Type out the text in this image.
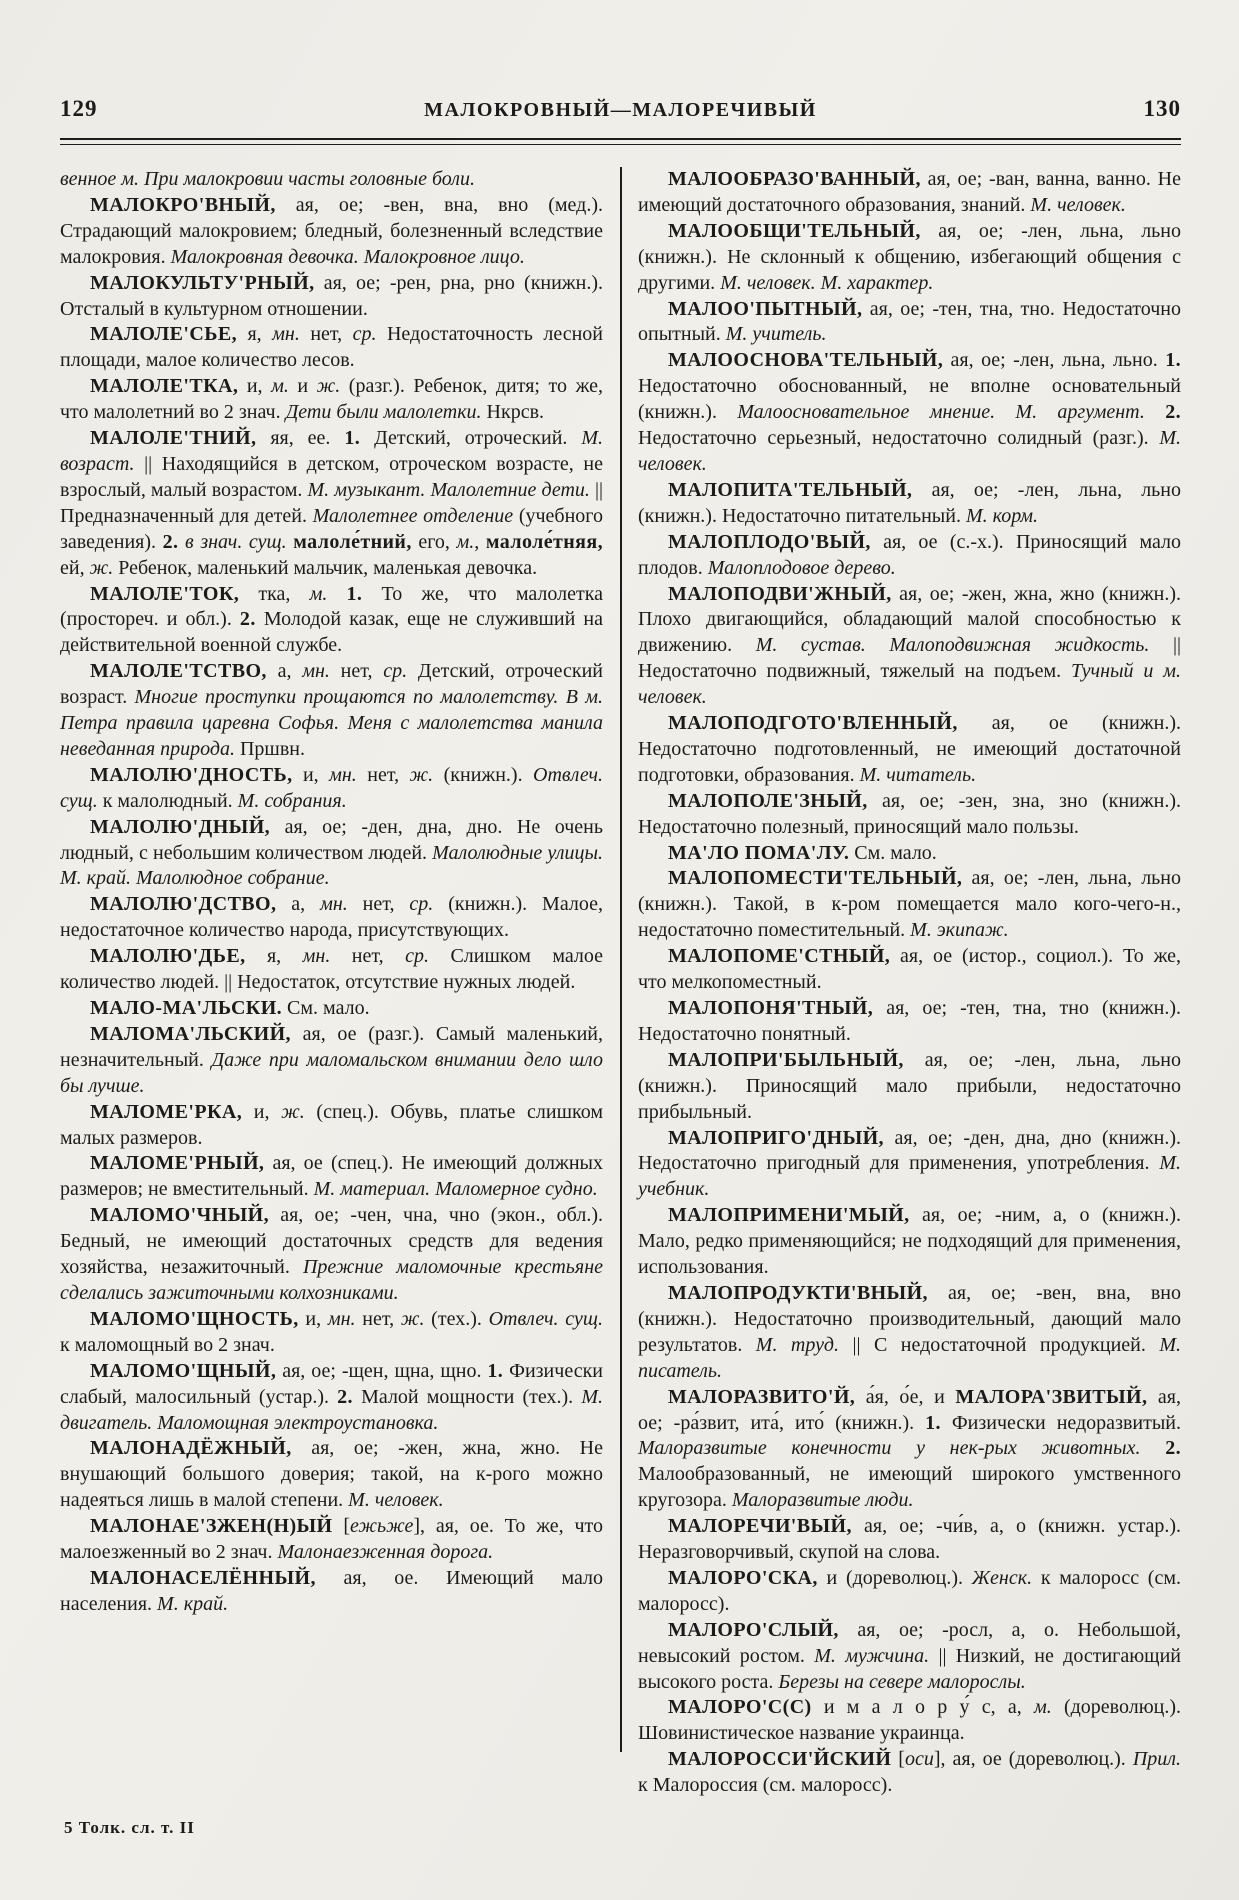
129	МАЛОКРОВНЫЙ—МАЛОРЕЧИВЫЙ	130

венное м. При малокровии часты головные боли.

МАЛОКРО'ВНЫЙ, ая, ое; -вен, вна, вно (мед.). Страдающий малокровием; бледный, болезненный вследствие малокровия. Малокровная девочка. Малокровное лицо.

МАЛОКУЛЬТУ'РНЫЙ, ая, ое; -рен, рна, рно (книжн.). Отсталый в культурном отношении.

МАЛОЛЕ'СЬЕ, я, мн. нет, ср. Недостаточность лесной площади, малое количество лесов.

МАЛОЛЕ'ТКА, и, м. и ж. (разг.). Ребенок, дитя; то же, что малолетний во 2 знач. Дети были малолетки. Нкрсв.

МАЛОЛЕ'ТНИЙ, яя, ее. 1. Детский, отроческий. М. возраст. || Находящийся в детском, отроческом возрасте, не взрослый, малый возрастом. М. музыкант. Малолетние дети. || Предназначенный для детей. Малолетнее отделение (учебного заведения). 2. в знач. сущ. малоле́тний, его, м., малоле́тняя, ей, ж. Ребенок, маленький мальчик, маленькая девочка.

МАЛОЛЕ'ТОК, тка, м. 1. То же, что малолетка (простореч. и обл.). 2. Молодой казак, еще не служивший на действительной военной службе.

МАЛОЛЕ'ТСТВО, а, мн. нет, ср. Детский, отроческий возраст. Многие проступки прощаются по малолетству. В м. Петра правила царевна Софья. Меня с малолетства манила неведанная природа. Пршвн.

МАЛОЛЮ'ДНОСТЬ, и, мн. нет, ж. (книжн.). Отвлеч. сущ. к малолюдный. М. собрания.

МАЛОЛЮ'ДНЫЙ, ая, ое; -ден, дна, дно. Не очень людный, с небольшим количеством людей. Малолюдные улицы. М. край. Малолюдное собрание.

МАЛОЛЮ'ДСТВО, а, мн. нет, ср. (книжн.). Малое, недостаточное количество народа, присутствующих.

МАЛОЛЮ'ДЬЕ, я, мн. нет, ср. Слишком малое количество людей. || Недостаток, отсутствие нужных людей.

МАЛО-МА'ЛЬСКИ. См. мало.

МАЛОМА'ЛЬСКИЙ, ая, ое (разг.). Самый маленький, незначительный. Даже при маломальском внимании дело шло бы лучше.

МАЛОМЕ'РКА, и, ж. (спец.). Обувь, платье слишком малых размеров.

МАЛОМЕ'РНЫЙ, ая, ое (спец.). Не имеющий должных размеров; не вместительный. М. материал. Маломерное судно.

МАЛОМО'ЧНЫЙ, ая, ое; -чен, чна, чно (экон., обл.). Бедный, не имеющий достаточных средств для ведения хозяйства, незажиточный. Прежние маломочные крестьяне сделались зажиточными колхозниками.

МАЛОМО'ЩНОСТЬ, и, мн. нет, ж. (тех.). Отвлеч. сущ. к маломощный во 2 знач.

МАЛОМО'ЩНЫЙ, ая, ое; -щен, щна, щно. 1. Физически слабый, малосильный (устар.). 2. Малой мощности (тех.). М. двигатель. Маломощная электроустановка.

МАЛОНАДЁЖНЫЙ, ая, ое; -жен, жна, жно. Не внушающий большого доверия; такой, на к-рого можно надеяться лишь в малой степени. М. человек.

МАЛОНАЕ'ЗЖЕН(Н)ЫЙ [ежьже], ая, ое. То же, что малоезженный во 2 знач. Малонаезженная дорога.

МАЛОНАСЕЛЁННЫЙ, ая, ое. Имеющий мало населения. М. край.

МАЛООБРАЗО'ВАННЫЙ, ая, ое; -ван, ванна, ванно. Не имеющий достаточного образования, знаний. М. человек.

МАЛООБЩИ'ТЕЛЬНЫЙ, ая, ое; -лен, льна, льно (книжн.). Не склонный к общению, избегающий общения с другими. М. человек. М. характер.

МАЛОО'ПЫТНЫЙ, ая, ое; -тен, тна, тно. Недостаточно опытный. М. учитель.

МАЛООСНОВА'ТЕЛЬНЫЙ, ая, ое; -лен, льна, льно. 1. Недостаточно обоснованный, не вполне основательный (книжн.). Малоосновательное мнение. М. аргумент. 2. Недостаточно серьезный, недостаточно солидный (разг.). М. человек.

МАЛОПИТА'ТЕЛЬНЫЙ, ая, ое; -лен, льна, льно (книжн.). Недостаточно питательный. М. корм.

МАЛОПЛОДО'ВЫЙ, ая, ое (с.-х.). Приносящий мало плодов. Малоплодовое дерево.

МАЛОПОДВИ'ЖНЫЙ, ая, ое; -жен, жна, жно (книжн.). Плохо двигающийся, обладающий малой способностью к движению. М. сустав. Малоподвижная жидкость. || Недостаточно подвижный, тяжелый на подъем. Тучный и м. человек.

МАЛОПОДГОТО'ВЛЕННЫЙ, ая, ое (книжн.). Недостаточно подготовленный, не имеющий достаточной подготовки, образования. М. читатель.

МАЛОПОЛЕ'ЗНЫЙ, ая, ое; -зен, зна, зно (книжн.). Недостаточно полезный, приносящий мало пользы.

МА'ЛО ПОМА'ЛУ. См. мало.

МАЛОПОМЕСТИ'ТЕЛЬНЫЙ, ая, ое; -лен, льна, льно (книжн.). Такой, в к-ром помещается мало кого-чего-н., недостаточно поместительный. М. экипаж.

МАЛОПОМЕ'СТНЫЙ, ая, ое (истор., социол.). То же, что мелкопоместный.

МАЛОПОНЯ'ТНЫЙ, ая, ое; -тен, тна, тно (книжн.). Недостаточно понятный.

МАЛОПРИ'БЫЛЬНЫЙ, ая, ое; -лен, льна, льно (книжн.). Приносящий мало прибыли, недостаточно прибыльный.

МАЛОПРИГО'ДНЫЙ, ая, ое; -ден, дна, дно (книжн.). Недостаточно пригодный для применения, употребления. М. учебник.

МАЛОПРИМЕНИ'МЫЙ, ая, ое; -ним, а, о (книжн.). Мало, редко применяющийся; не подходящий для применения, использования.

МАЛОПРОДУКТИ'ВНЫЙ, ая, ое; -вен, вна, вно (книжн.). Недостаточно производительный, дающий мало результатов. М. труд. || С недостаточной продукцией. М. писатель.

МАЛОРАЗВИТО'Й, а́я, о́е, и МАЛОРА'ЗВИТЫЙ, ая, ое; -ра́звит, ита́, ито́ (книжн.). 1. Физически недоразвитый. Малоразвитые конечности у нек-рых животных. 2. Малообразованный, не имеющий широкого умственного кругозора. Малоразвитые люди.

МАЛОРЕЧИ'ВЫЙ, ая, ое; -чи́в, а, о (книжн. устар.). Неразговорчивый, скупой на слова.

МАЛОРО'СКА, и (дореволюц.). Женск. к малоросс (см. малоросс).

МАЛОРО'СЛЫЙ, ая, ое; -росл, а, о. Небольшой, невысокий ростом. М. мужчина. || Низкий, не достигающий высокого роста. Березы на севере малорослы.

МАЛОРО'С(С) и м а л о р у́ с, а, м. (дореволюц.). Шовинистическое название украинца.

МАЛОРОССИ'ЙСКИЙ [оси], ая, ое (дореволюц.). Прил. к Малороссия (см. малоросс).

5 Толк. сл. т. II
